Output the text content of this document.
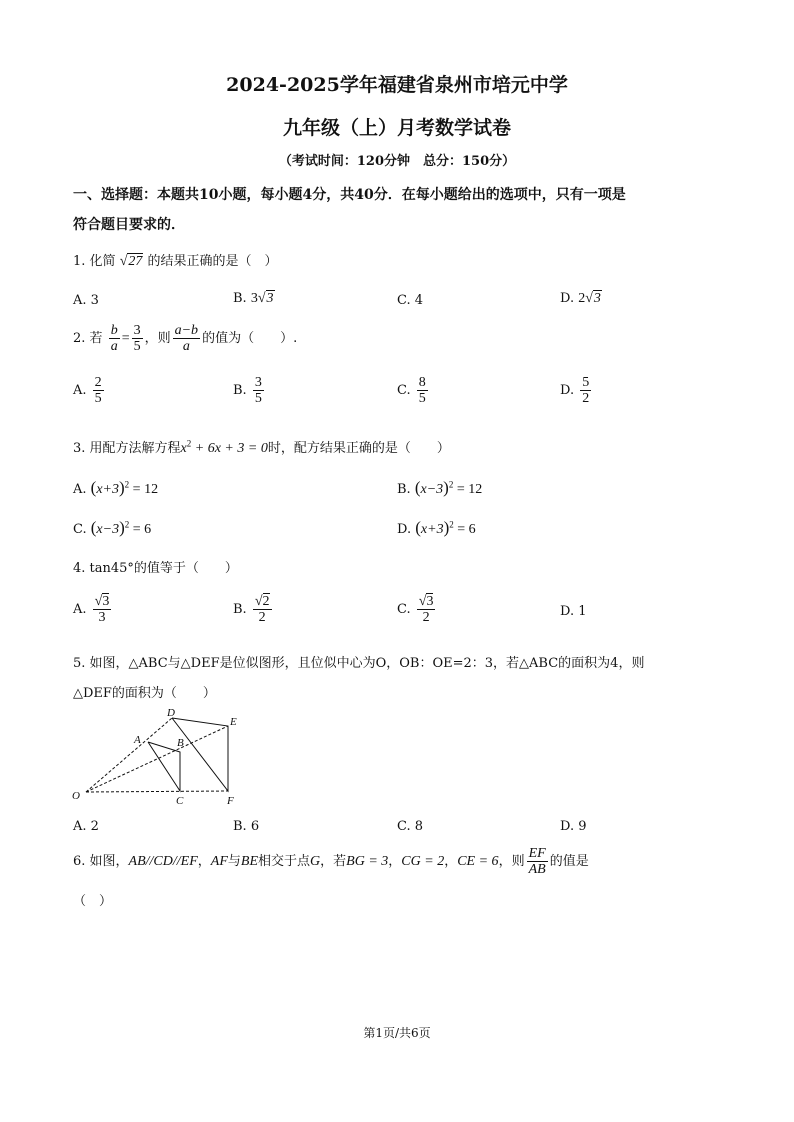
2024-2025学年福建省泉州市培元中学
九年级（上）月考数学试卷
（考试时间：120分钟　总分：150分）
一、选择题：本题共10小题，每小题4分，共40分．在每小题给出的选项中，只有一项是
符合题目要求的．
1. 化简 √27 的结果正确的是（　）
A. 3	B. 3√3	C. 4	D. 2√3
2. 若 $\frac{b}{a} = \frac{3}{5}$ ，则 $\frac{a-b}{a}$ 的值为（　　）.
A. $\frac{2}{5}$	B. $\frac{3}{5}$	C. $\frac{8}{5}$	D. $\frac{5}{2}$
3. 用配方法解方程$x^2 + 6x + 3 = 0$时，配方结果正确的是（　　）
A. $(x+3)^2 = 12$	B. $(x-3)^2 = 12$
C. $(x-3)^2 = 6$	D. $(x+3)^2 = 6$
4. tan45°的值等于（　　）
A. $\frac{√3}{3}$	B. $\frac{√2}{2}$	C. $\frac{√3}{2}$	D. 1
5. 如图，△ABC与△DEF是位似图形，且位似中心为O，OB：OE=2：3，若△ABC的面积为4，则
△DEF的面积为（　　）
D
E
A	B
O	C	F
A. 2	B. 6	C. 8	D. 9
6. 如图，AB//CD//EF，AF与BE相交于点G，若BG = 3，CG = 2，CE = 6，则 $\frac{EF}{AB}$ 的值是
（　）
第1页/共6页
